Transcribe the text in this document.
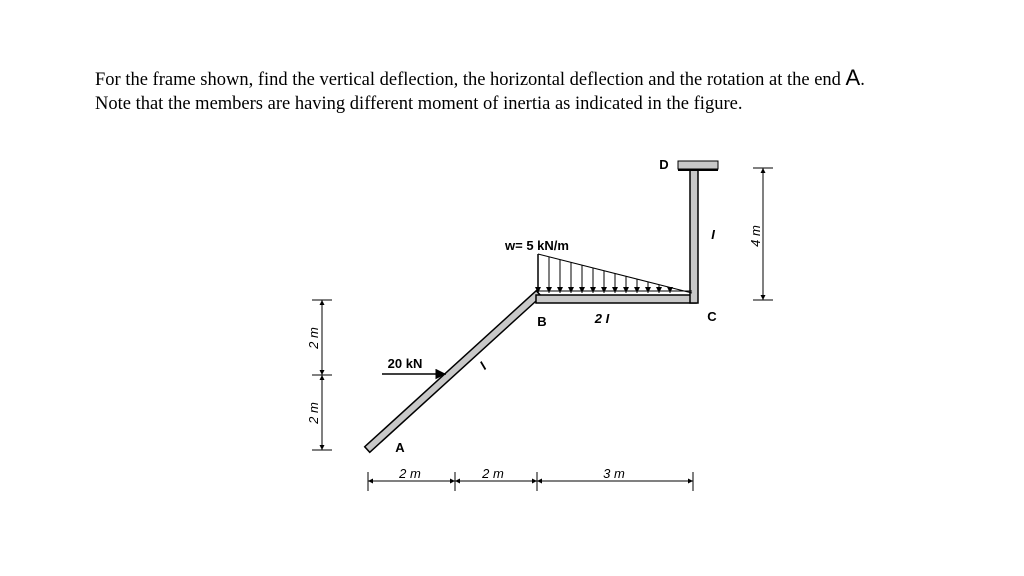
For the frame shown, find the vertical deflection, the horizontal deflection and the rotation at the end A.
Note that the members are having different moment of inertia as indicated in the figure.
A
B	C
D
w= 5 kN/m
20 kN
2 I
I
I
2 m	2 m	3 m
2 m
2 m
4 m
